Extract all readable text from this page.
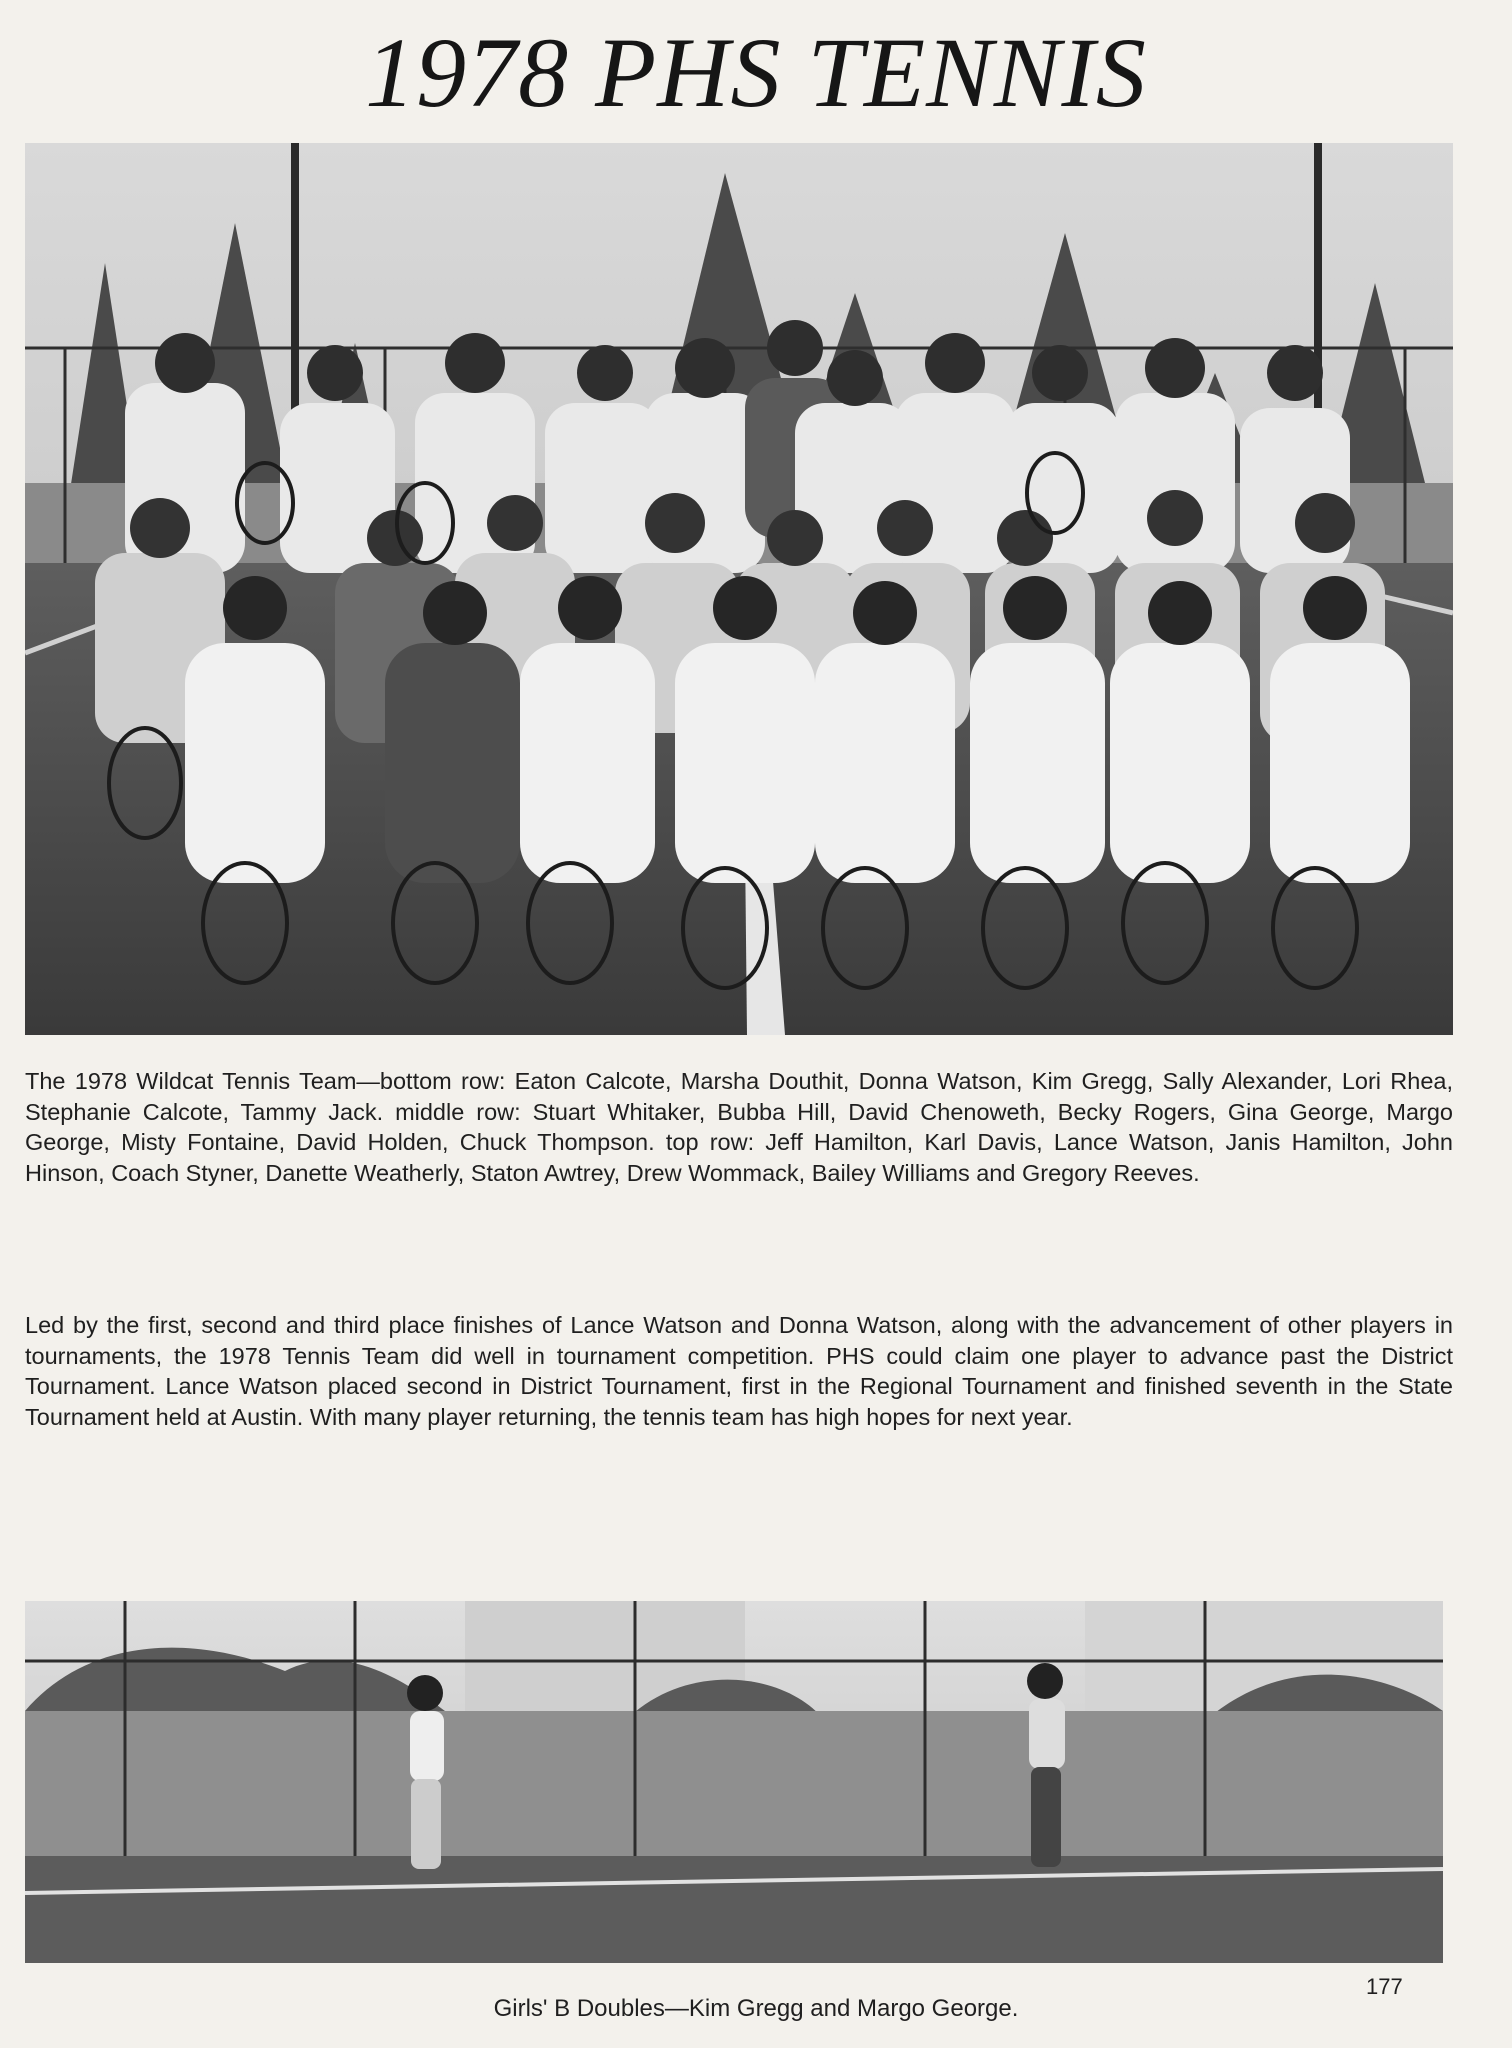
1978 PHS TENNIS
The 1978 Wildcat Tennis Team—bottom row: Eaton Calcote, Marsha Douthit, Donna Watson, Kim Gregg, Sally Alexander, Lori Rhea, Stephanie Calcote, Tammy Jack. middle row: Stuart Whitaker, Bubba Hill, David Chenoweth, Becky Rogers, Gina George, Margo George, Misty Fontaine, David Holden, Chuck Thompson. top row: Jeff Hamilton, Karl Davis, Lance Watson, Janis Hamilton, John Hinson, Coach Styner, Danette Weatherly, Staton Awtrey, Drew Wommack, Bailey Williams and Gregory Reeves.
Led by the first, second and third place finishes of Lance Watson and Donna Watson, along with the advancement of other players in tournaments, the 1978 Tennis Team did well in tournament competition. PHS could claim one player to advance past the District Tournament. Lance Watson placed second in District Tournament, first in the Regional Tournament and finished seventh in the State Tournament held at Austin. With many player returning, the tennis team has high hopes for next year.
177
Girls' B Doubles—Kim Gregg and Margo George.
